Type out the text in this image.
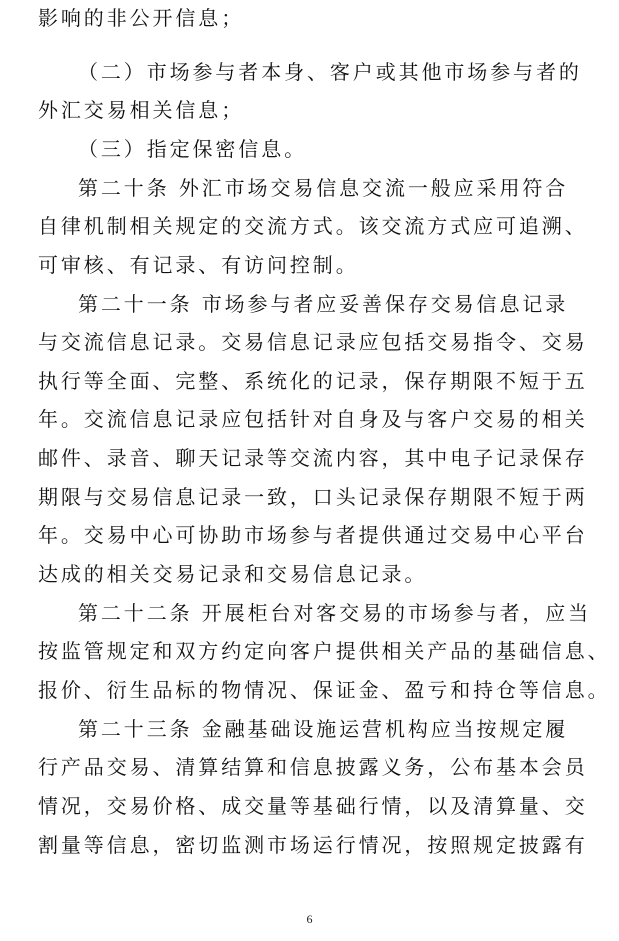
影响的非公开信息；
（二）市场参与者本身、客户或其他市场参与者的
外汇交易相关信息；
（三）指定保密信息。
第二十条 外汇市场交易信息交流一般应采用符合
自律机制相关规定的交流方式。该交流方式应可追溯、
可审核、有记录、有访问控制。
第二十一条 市场参与者应妥善保存交易信息记录
与交流信息记录。交易信息记录应包括交易指令、交易
执行等全面、完整、系统化的记录，保存期限不短于五
年。交流信息记录应包括针对自身及与客户交易的相关
邮件、录音、聊天记录等交流内容，其中电子记录保存
期限与交易信息记录一致，口头记录保存期限不短于两
年。交易中心可协助市场参与者提供通过交易中心平台
达成的相关交易记录和交易信息记录。
第二十二条 开展柜台对客交易的市场参与者，应当
按监管规定和双方约定向客户提供相关产品的基础信息、
报价、衍生品标的物情况、保证金、盈亏和持仓等信息。
第二十三条 金融基础设施运营机构应当按规定履
行产品交易、清算结算和信息披露义务，公布基本会员
情况，交易价格、成交量等基础行情，以及清算量、交
割量等信息，密切监测市场运行情况，按照规定披露有
6
